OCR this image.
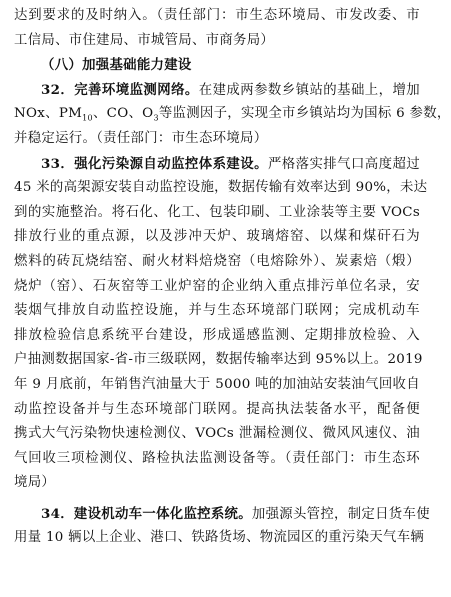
达到要求的及时纳入。（责任部门：市生态环境局、市发改委、市
工信局、市住建局、市城管局、市商务局）
（八）加强基础能力建设
32．完善环境监测网络。在建成两参数乡镇站的基础上，增加
NOx、$PM_{10}$、CO、$O_3$等监测因子，实现全市乡镇站均为国标 6 参数，
并稳定运行。（责任部门：市生态环境局）
33．强化污染源自动监控体系建设。严格落实排气口高度超过
45 米的高架源安装自动监控设施，数据传输有效率达到 90%，未达
到的实施整治。将石化、化工、包装印刷、工业涂装等主要 VOCs
排放行业的重点源，以及涉冲天炉、玻璃熔窑、以煤和煤矸石为
燃料的砖瓦烧结窑、耐火材料焙烧窑（电熔除外）、炭素焙（煅）
烧炉（窑）、石灰窑等工业炉窑的企业纳入重点排污单位名录，安
装烟气排放自动监控设施，并与生态环境部门联网；完成机动车
排放检验信息系统平台建设，形成遥感监测、定期排放检验、入
户抽测数据国家-省-市三级联网，数据传输率达到 95%以上。2019
年 9 月底前，年销售汽油量大于 5000 吨的加油站安装油气回收自
动监控设备并与生态环境部门联网。提高执法装备水平，配备便
携式大气污染物快速检测仪、VOCs 泄漏检测仪、微风风速仪、油
气回收三项检测仪、路检执法监测设备等。（责任部门：市生态环
境局）
34．建设机动车一体化监控系统。加强源头管控，制定日货车使
用量 10 辆以上企业、港口、铁路货场、物流园区的重污染天气车辆
